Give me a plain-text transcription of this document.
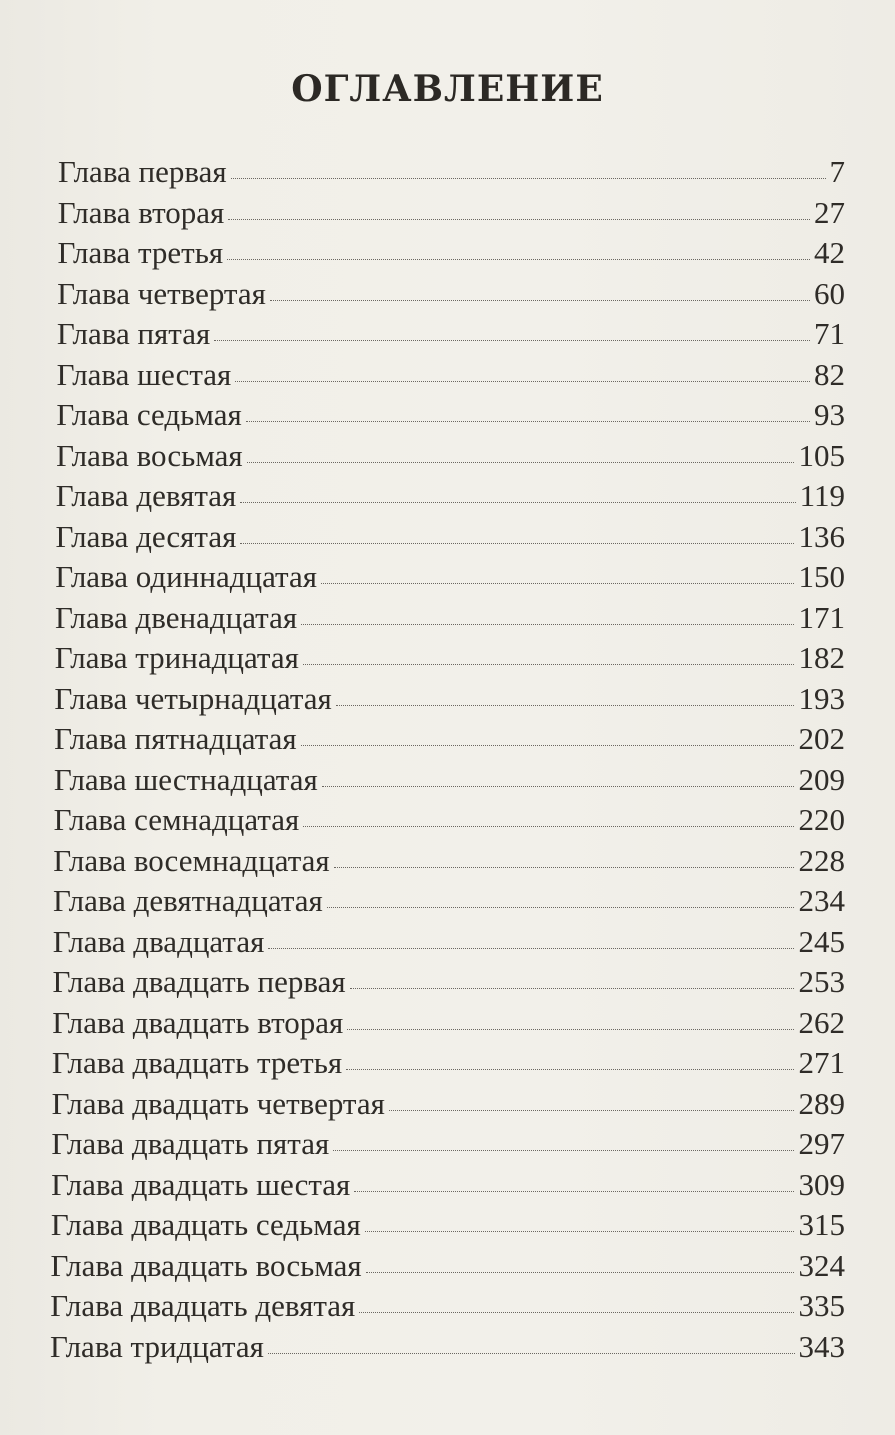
ОГЛАВЛЕНИЕ
Глава первая	7
Глава вторая	27
Глава третья	42
Глава четвертая	60
Глава пятая	71
Глава шестая	82
Глава седьмая	93
Глава восьмая	105
Глава девятая	119
Глава десятая	136
Глава одиннадцатая	150
Глава двенадцатая	171
Глава тринадцатая	182
Глава четырнадцатая	193
Глава пятнадцатая	202
Глава шестнадцатая	209
Глава семнадцатая	220
Глава восемнадцатая	228
Глава девятнадцатая	234
Глава двадцатая	245
Глава двадцать первая	253
Глава двадцать вторая	262
Глава двадцать третья	271
Глава двадцать четвертая	289
Глава двадцать пятая	297
Глава двадцать шестая	309
Глава двадцать седьмая	315
Глава двадцать восьмая	324
Глава двадцать девятая	335
Глава тридцатая	343
